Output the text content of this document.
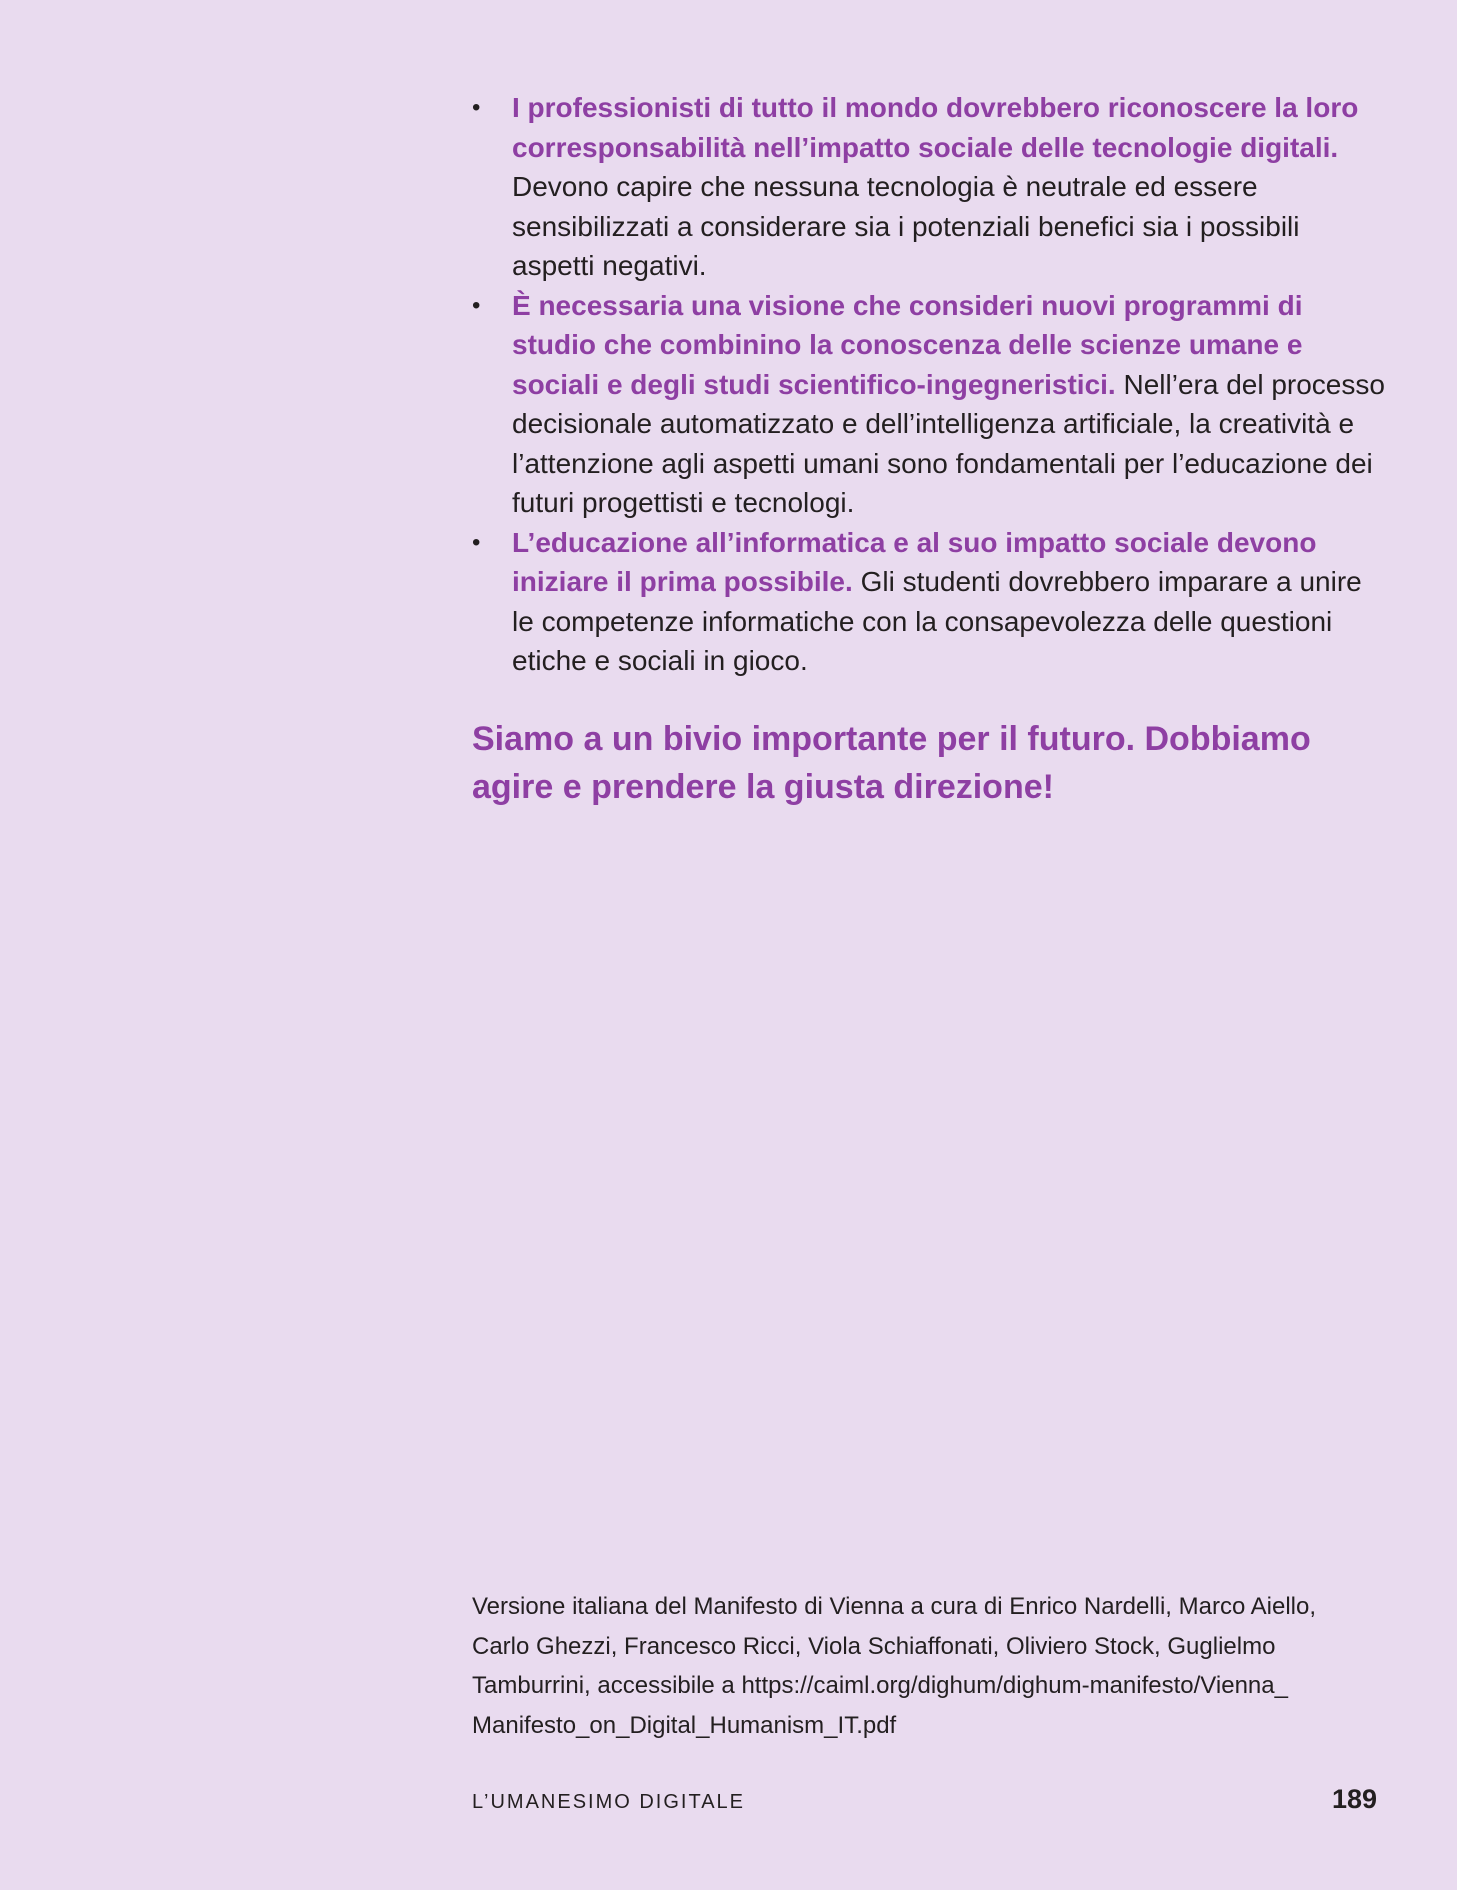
• I professionisti di tutto il mondo dovrebbero riconoscere la loro corresponsabilità nell’impatto sociale delle tecnologie digitali. Devono capire che nessuna tecnologia è neutrale ed essere sensibilizzati a considerare sia i potenziali benefici sia i possibili aspetti negativi.
• È necessaria una visione che consideri nuovi programmi di studio che combinino la conoscenza delle scienze umane e sociali e degli studi scientifico-ingegneristici. Nell’era del processo decisionale automatizzato e dell’intelligenza artificiale, la creatività e l’attenzione agli aspetti umani sono fondamentali per l’educazione dei futuri progettisti e tecnologi.
• L’educazione all’informatica e al suo impatto sociale devono iniziare il prima possibile. Gli studenti dovrebbero imparare a unire le competenze informatiche con la consapevolezza delle questioni etiche e sociali in gioco.

Siamo a un bivio importante per il futuro. Dobbiamo agire e prendere la giusta direzione!

Versione italiana del Manifesto di Vienna a cura di Enrico Nardelli, Marco Aiello, Carlo Ghezzi, Francesco Ricci, Viola Schiaffonati, Oliviero Stock, Guglielmo Tamburrini, accessibile a https://caiml.org/dighum/dighum-manifesto/Vienna_ Manifesto_on_Digital_Humanism_IT.pdf
L’UMANESIMO DIGITALE	189
